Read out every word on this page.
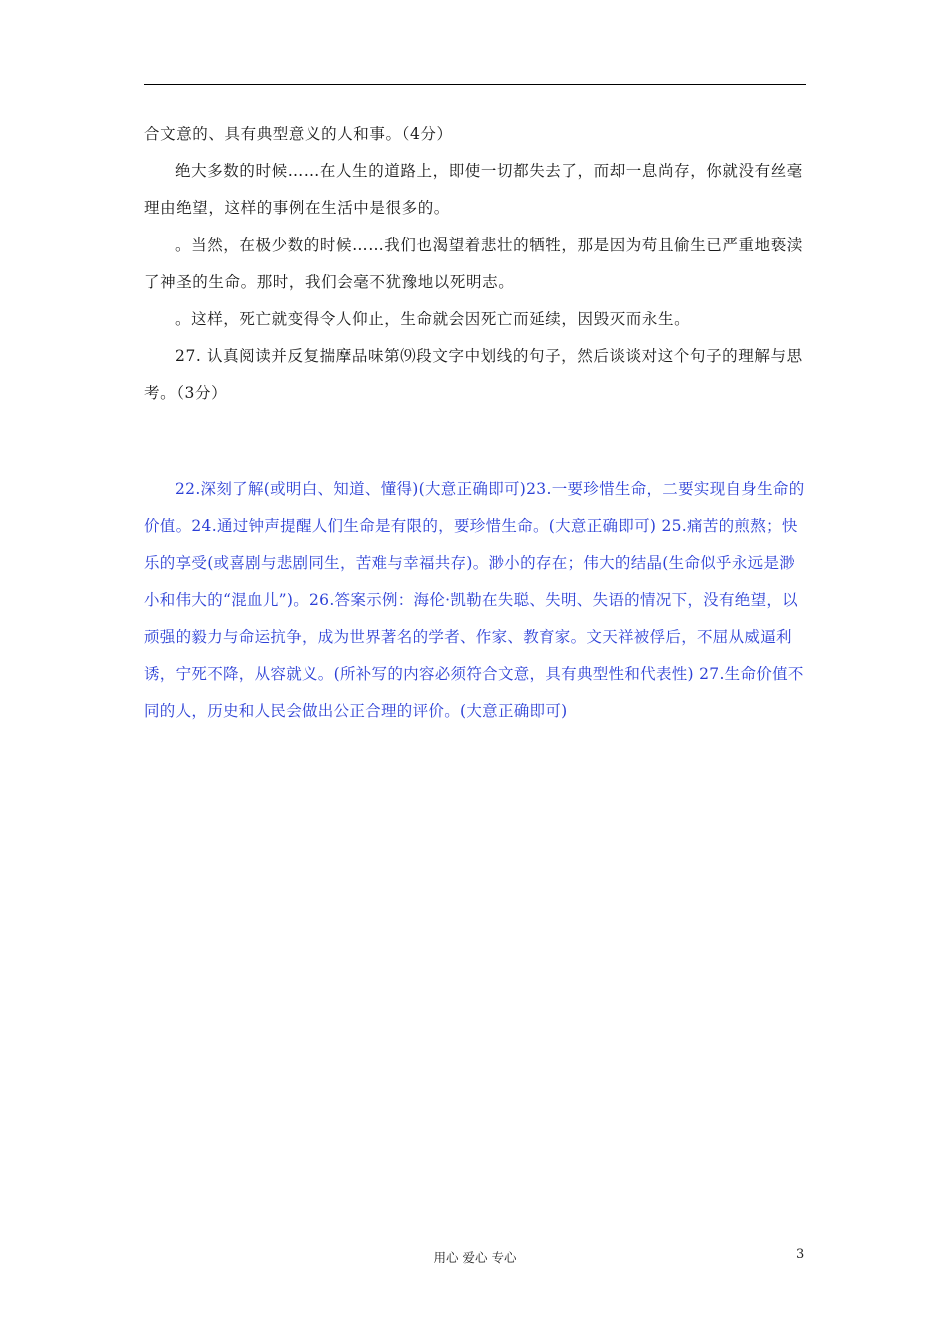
合文意的、具有典型意义的人和事。（4分）

绝大多数的时候……在人生的道路上，即使一切都失去了，而却一息尚存，你就没有丝毫理由绝望，这样的事例在生活中是很多的。

。当然，在极少数的时候……我们也渴望着悲壮的牺牲，那是因为苟且偷生已严重地亵渎了神圣的生命。那时，我们会毫不犹豫地以死明志。

。这样，死亡就变得令人仰止，生命就会因死亡而延续，因毁灭而永生。

27. 认真阅读并反复揣摩品味第⑼段文字中划线的句子，然后谈谈对这个句子的理解与思考。（3分）

22.深刻了解(或明白、知道、懂得)(大意正确即可)23.一要珍惜生命，二要实现自身生命的价值。24.通过钟声提醒人们生命是有限的，要珍惜生命。(大意正确即可) 25.痛苦的煎熬；快乐的享受(或喜剧与悲剧同生，苦难与幸福共存)。渺小的存在；伟大的结晶(生命似乎永远是渺小和伟大的“混血儿”)。26.答案示例：海伦·凯勒在失聪、失明、失语的情况下，没有绝望，以顽强的毅力与命运抗争，成为世界著名的学者、作家、教育家。文天祥被俘后，不屈从威逼利诱，宁死不降，从容就义。(所补写的内容必须符合文意，具有典型性和代表性) 27.生命价值不同的人，历史和人民会做出公正合理的评价。(大意正确即可)

用心 爱心 专心	3
